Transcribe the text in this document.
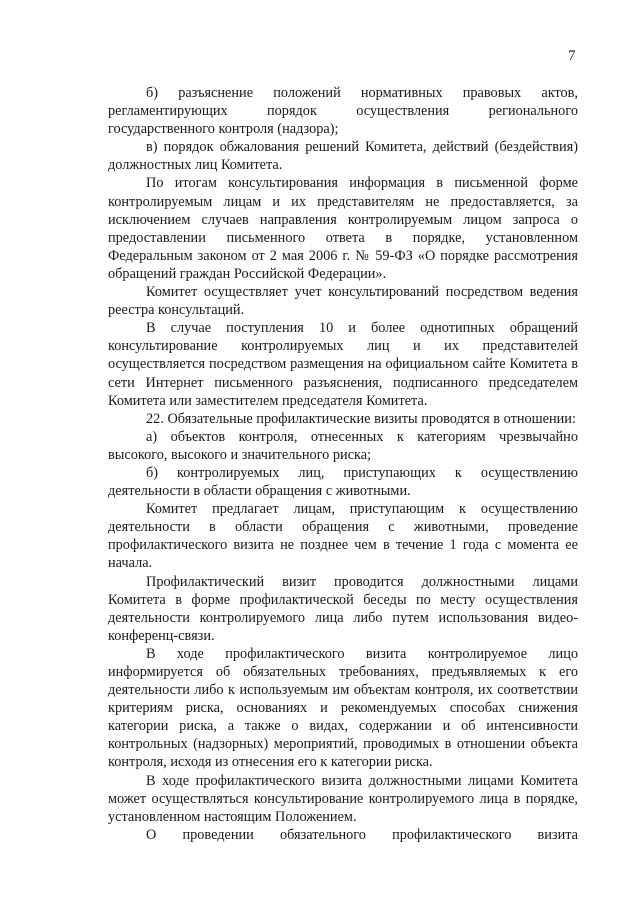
7

б) разъяснение положений нормативных правовых актов, регламентирующих порядок осуществления регионального государственного контроля (надзора);

в) порядок обжалования решений Комитета, действий (бездействия) должностных лиц Комитета.

По итогам консультирования информация в письменной форме контролируемым лицам и их представителям не предоставляется, за исключением случаев направления контролируемым лицом запроса о предоставлении письменного ответа в порядке, установленном Федеральным законом от 2 мая 2006 г. № 59-ФЗ «О порядке рассмотрения обращений граждан Российской Федерации».

Комитет осуществляет учет консультирований посредством ведения реестра консультаций.

В случае поступления 10 и более однотипных обращений консультирование контролируемых лиц и их представителей осуществляется посредством размещения на официальном сайте Комитета в сети Интернет письменного разъяснения, подписанного председателем Комитета или заместителем председателя Комитета.

22. Обязательные профилактические визиты проводятся в отношении:

а) объектов контроля, отнесенных к категориям чрезвычайно высокого, высокого и значительного риска;

б) контролируемых лиц, приступающих к осуществлению деятельности в области обращения с животными.

Комитет предлагает лицам, приступающим к осуществлению деятельности в области обращения с животными, проведение профилактического визита не позднее чем в течение 1 года с момента ее начала.

Профилактический визит проводится должностными лицами Комитета в форме профилактической беседы по месту осуществления деятельности контролируемого лица либо путем использования видео-конференц-связи.

В ходе профилактического визита контролируемое лицо информируется об обязательных требованиях, предъявляемых к его деятельности либо к используемым им объектам контроля, их соответствии критериям риска, основаниях и рекомендуемых способах снижения категории риска, а также о видах, содержании и об интенсивности контрольных (надзорных) мероприятий, проводимых в отношении объекта контроля, исходя из отнесения его к категории риска.

В ходе профилактического визита должностными лицами Комитета может осуществляться консультирование контролируемого лица в порядке, установленном настоящим Положением.

О проведении обязательного профилактического визита
